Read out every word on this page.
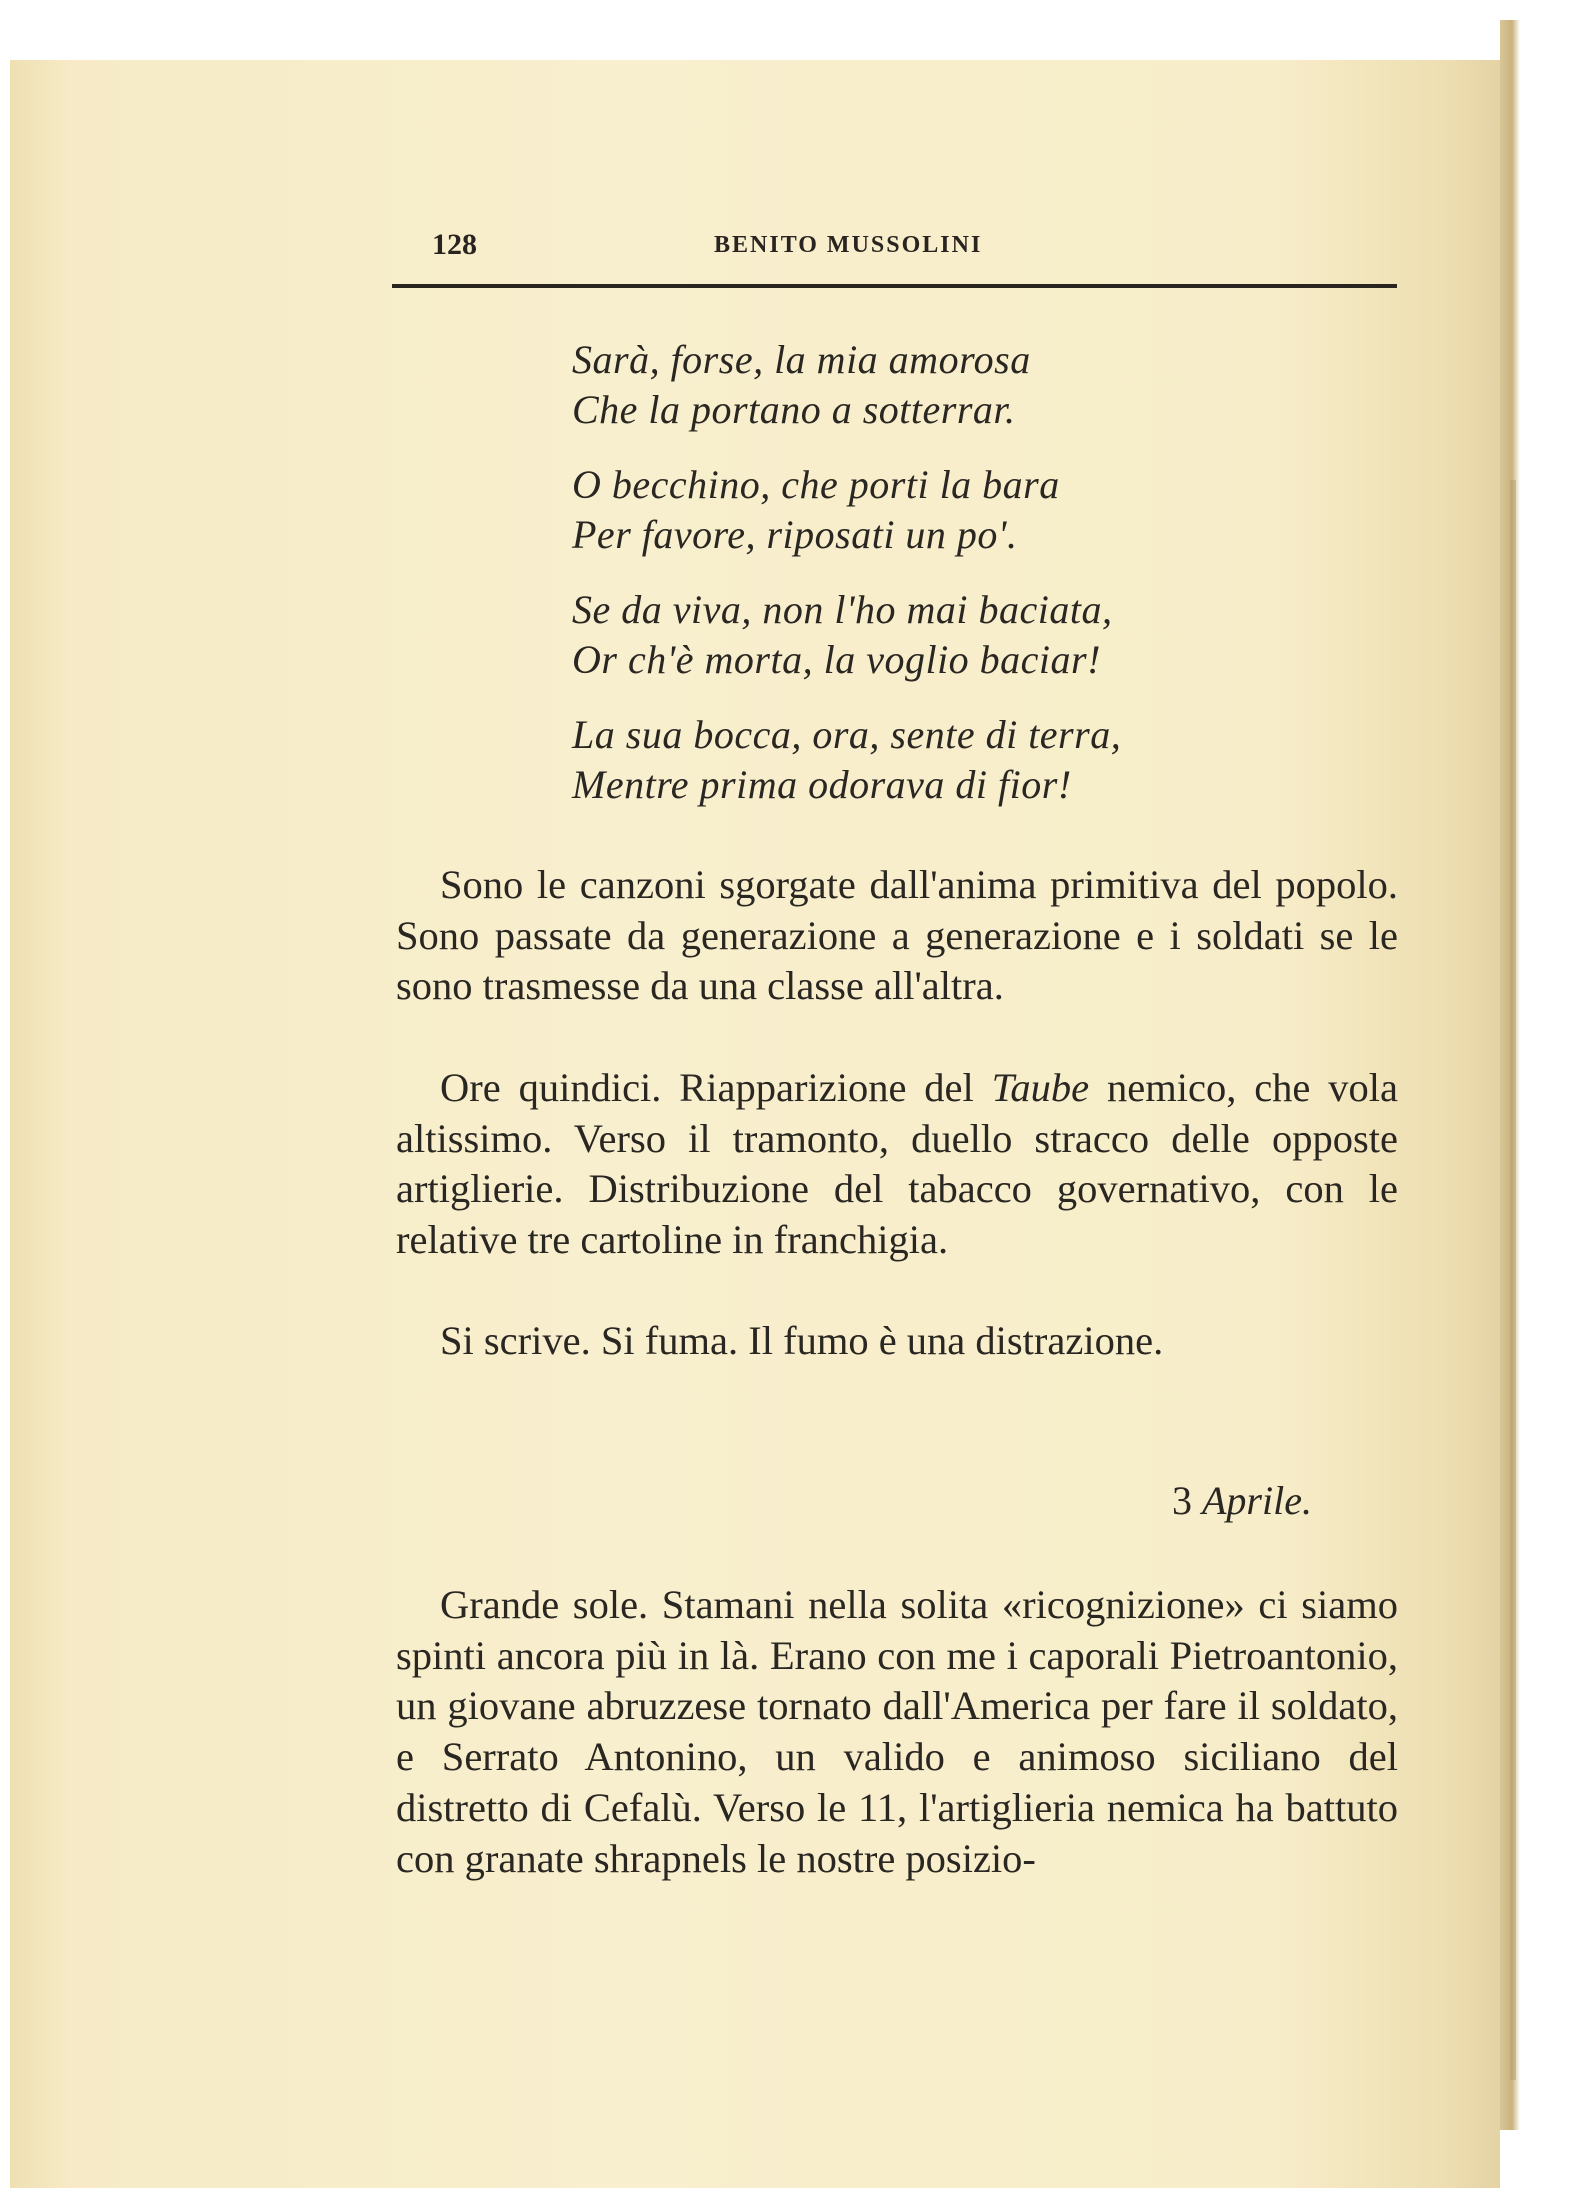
128	BENITO MUSSOLINI

Sarà, forse, la mia amorosa
Che la portano a sotterrar.

O becchino, che porti la bara
Per favore, riposati un po'.

Se da viva, non l'ho mai baciata,
Or ch'è morta, la voglio baciar!

La sua bocca, ora, sente di terra,
Mentre prima odorava di fior!

Sono le canzoni sgorgate dall'anima primitiva del popolo. Sono passate da generazione a generazione e i soldati se le sono trasmesse da una classe all'altra.

Ore quindici. Riapparizione del Taube nemico, che vola altissimo. Verso il tramonto, duello stracco delle opposte artiglierie. Distribuzione del tabacco governativo, con le relative tre cartoline in franchigia.

Si scrive. Si fuma. Il fumo è una distrazione.

3 Aprile.

Grande sole. Stamani nella solita «ricognizione» ci siamo spinti ancora più in là. Erano con me i caporali Pietroantonio, un giovane abruzzese tornato dall'America per fare il soldato, e Serrato Antonino, un valido e animoso siciliano del distretto di Cefalù. Verso le 11, l'artiglieria nemica ha battuto con granate shrapnels le nostre posizio-
